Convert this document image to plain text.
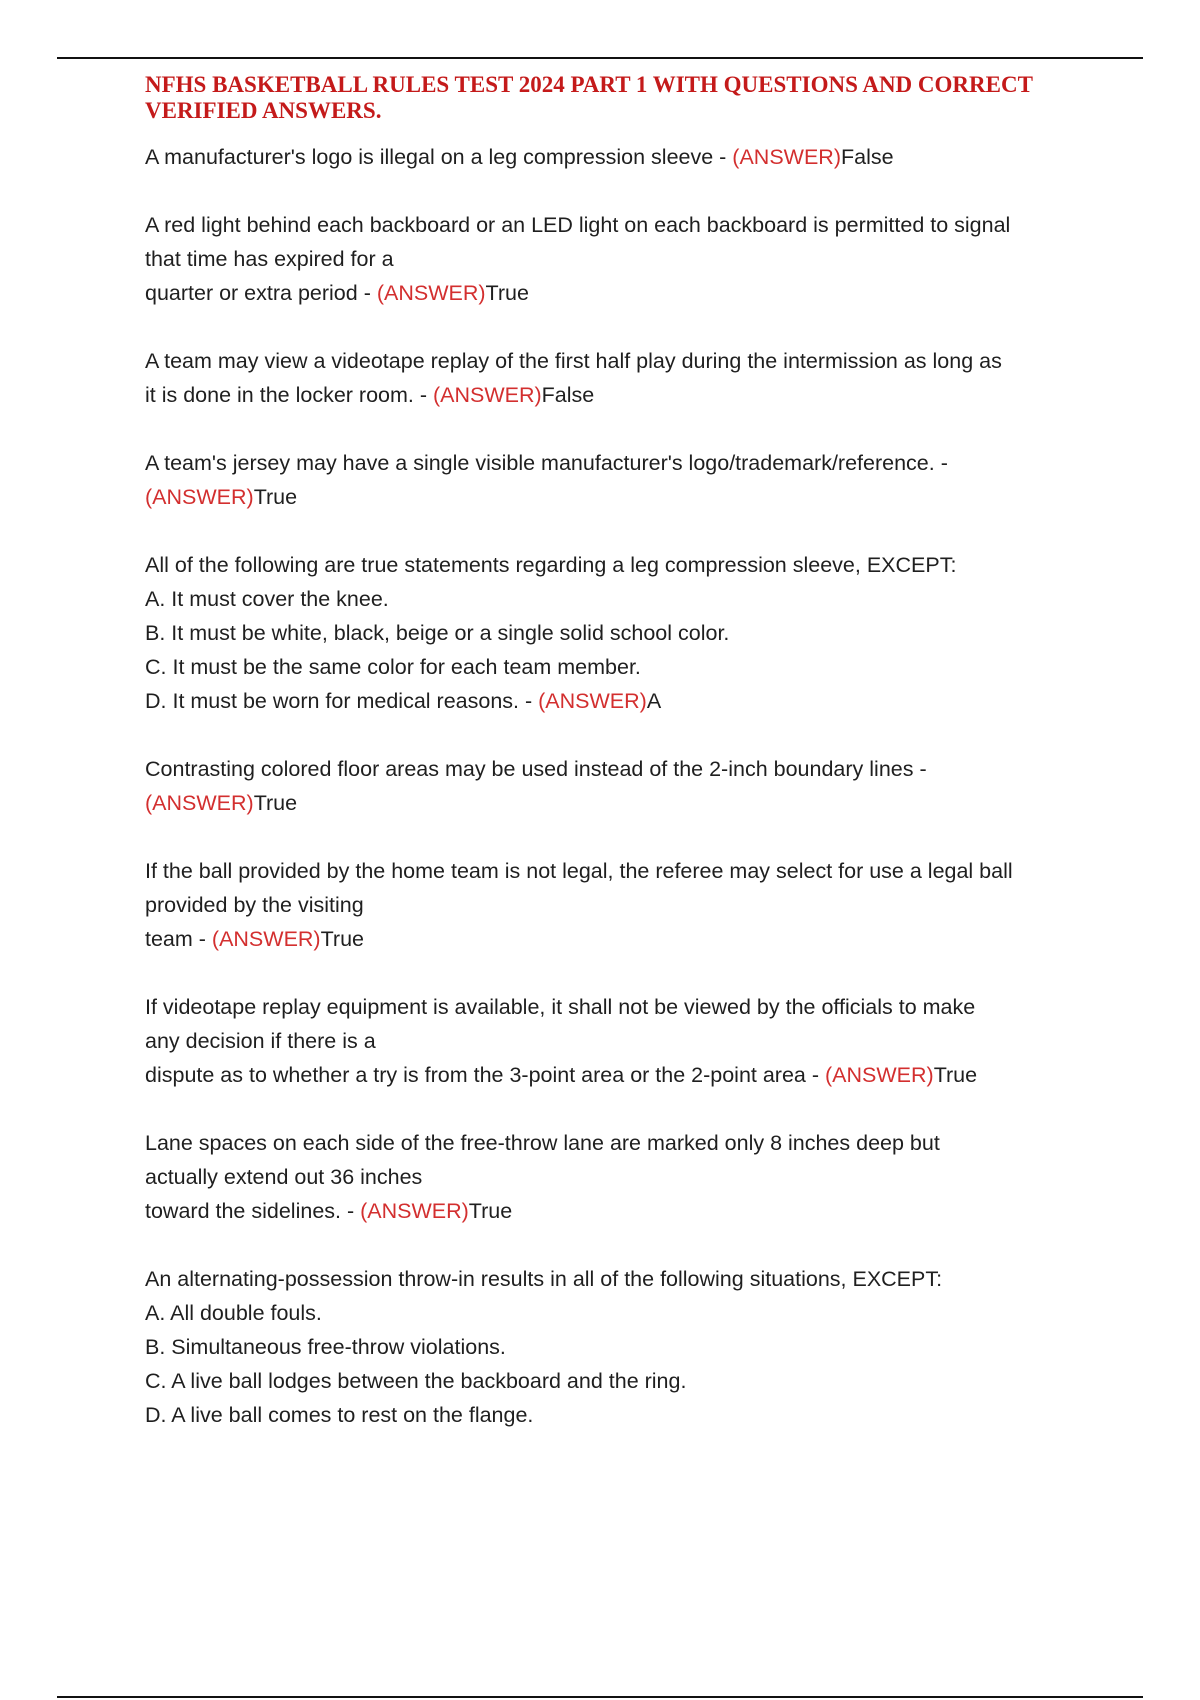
NFHS BASKETBALL RULES TEST 2024 PART 1 WITH QUESTIONS AND CORRECT
VERIFIED ANSWERS.
A manufacturer's logo is illegal on a leg compression sleeve - (ANSWER)False
A red light behind each backboard or an LED light on each backboard is permitted to signal
that time has expired for a
quarter or extra period - (ANSWER)True
A team may view a videotape replay of the first half play during the intermission as long as
it is done in the locker room. - (ANSWER)False
A team's jersey may have a single visible manufacturer's logo/trademark/reference. -
(ANSWER)True
All of the following are true statements regarding a leg compression sleeve, EXCEPT:
A. It must cover the knee.
B. It must be white, black, beige or a single solid school color.
C. It must be the same color for each team member.
D. It must be worn for medical reasons. - (ANSWER)A
Contrasting colored floor areas may be used instead of the 2-inch boundary lines -
(ANSWER)True
If the ball provided by the home team is not legal, the referee may select for use a legal ball
provided by the visiting
team - (ANSWER)True
If videotape replay equipment is available, it shall not be viewed by the officials to make
any decision if there is a
dispute as to whether a try is from the 3-point area or the 2-point area - (ANSWER)True
Lane spaces on each side of the free-throw lane are marked only 8 inches deep but
actually extend out 36 inches
toward the sidelines. - (ANSWER)True
An alternating-possession throw-in results in all of the following situations, EXCEPT:
A. All double fouls.
B. Simultaneous free-throw violations.
C. A live ball lodges between the backboard and the ring.
D. A live ball comes to rest on the flange.
